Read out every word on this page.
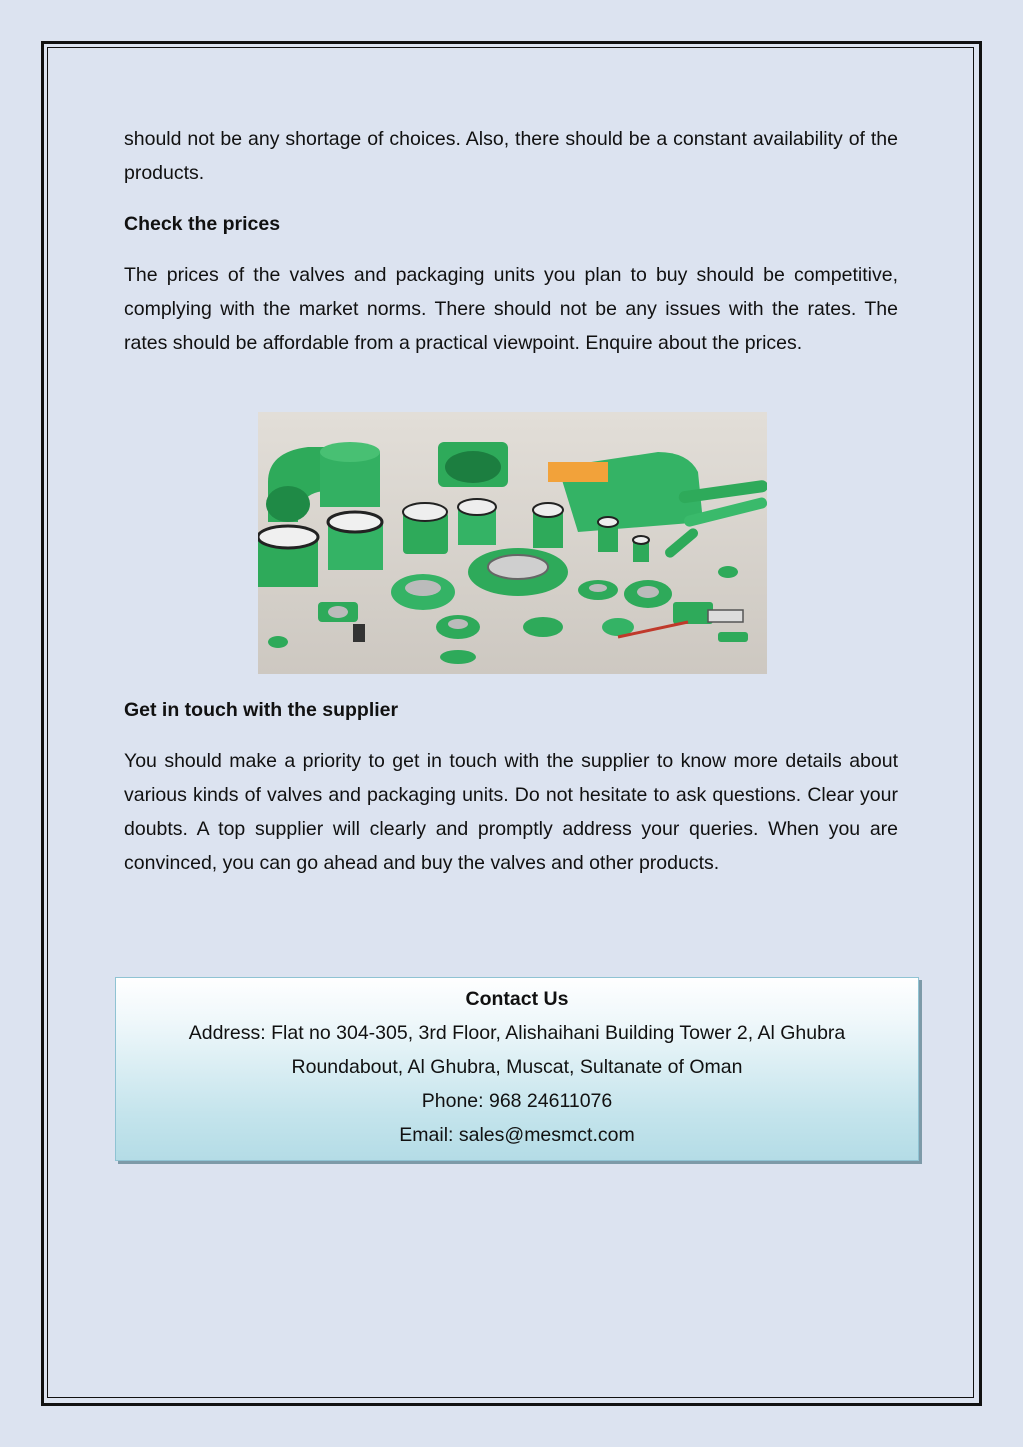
should not be any shortage of choices. Also, there should be a constant availability of the products.

Check the prices

The prices of the valves and packaging units you plan to buy should be competitive, complying with the market norms. There should not be any issues with the rates. The rates should be affordable from a practical viewpoint. Enquire about the prices.

Get in touch with the supplier

You should make a priority to get in touch with the supplier to know more details about various kinds of valves and packaging units. Do not hesitate to ask questions. Clear your doubts. A top supplier will clearly and promptly address your queries. When you are convinced, you can go ahead and buy the valves and other products.

Contact Us
Address: Flat no 304-305, 3rd Floor, Alishaihani Building Tower 2, Al Ghubra
Roundabout, Al Ghubra, Muscat, Sultanate of Oman
Phone: 968 24611076
Email: sales@mesmct.com
